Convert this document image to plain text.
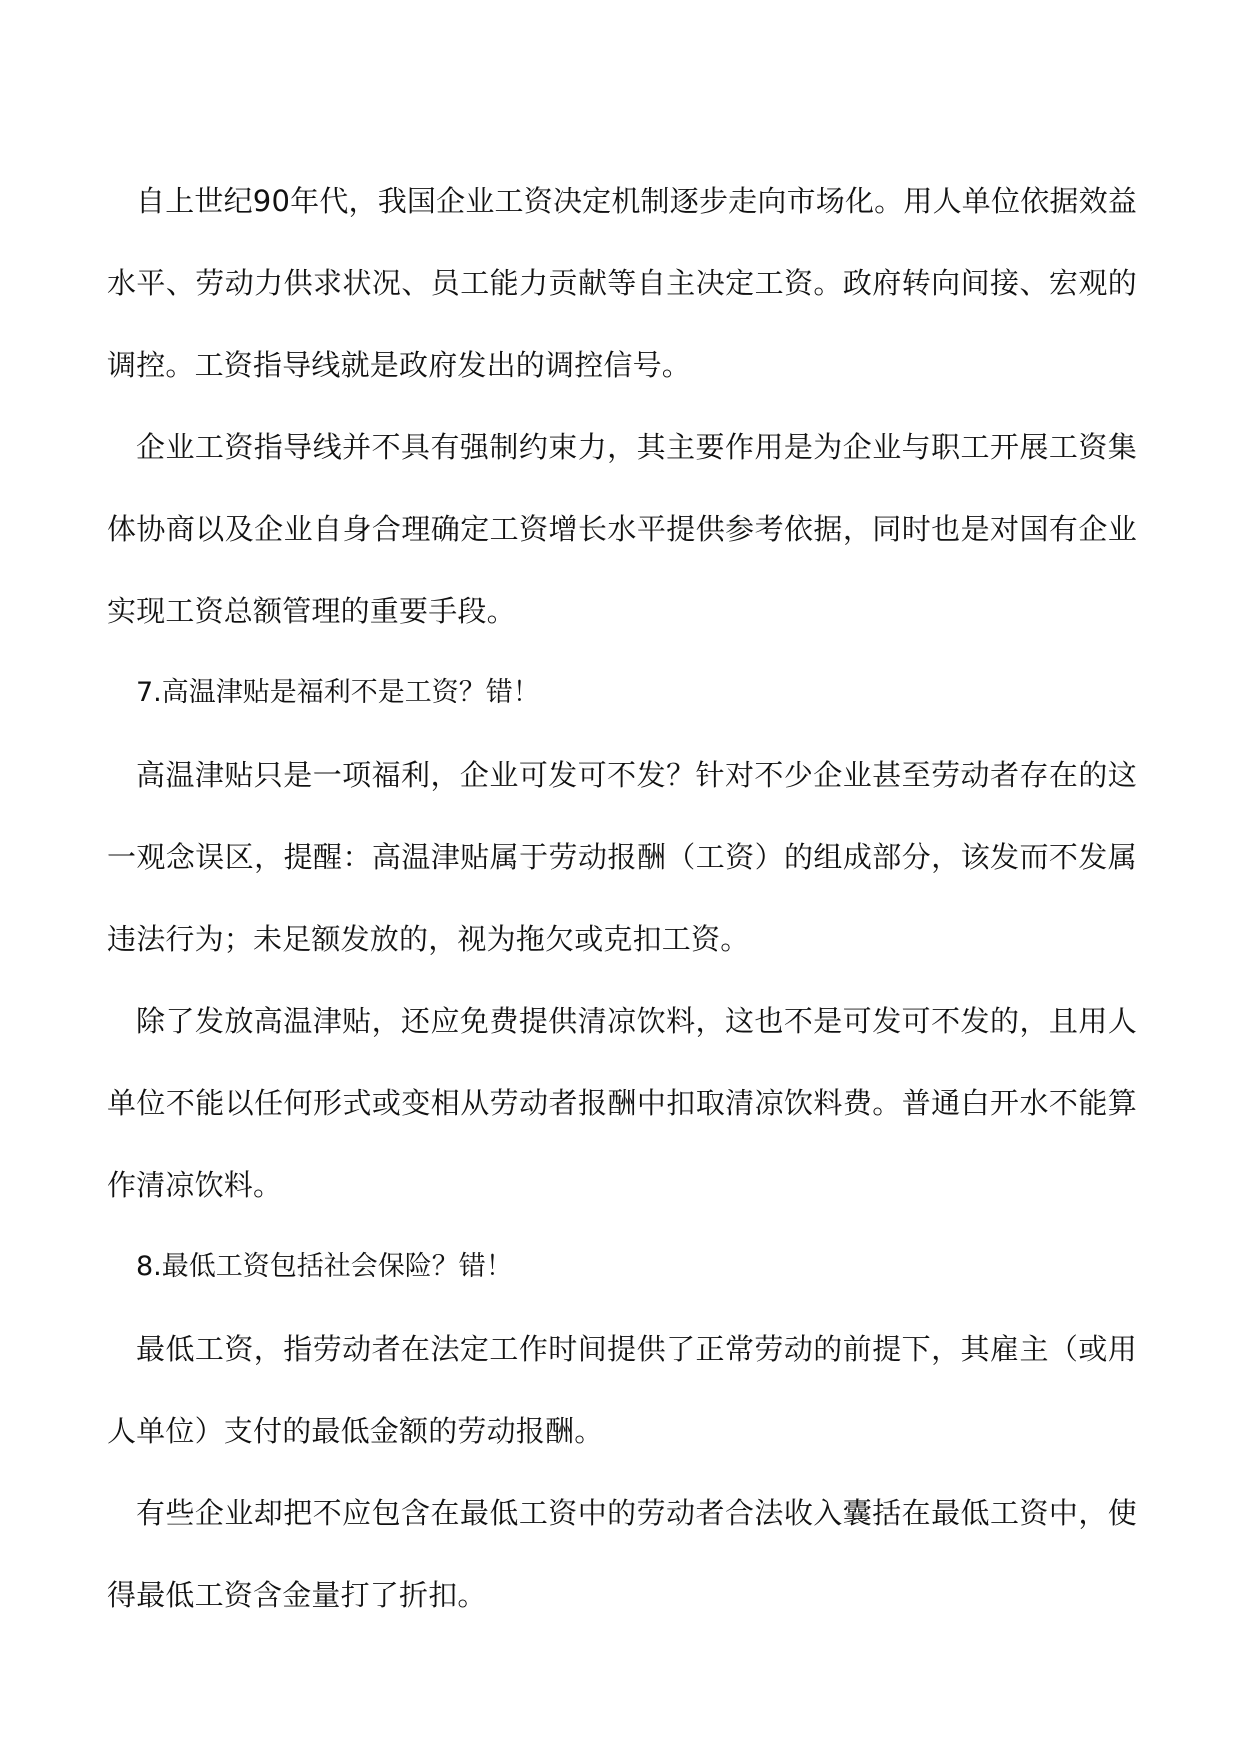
自上世纪90年代，我国企业工资决定机制逐步走向市场化。用人单位依据效益水平、劳动力供求状况、员工能力贡献等自主决定工资。政府转向间接、宏观的调控。工资指导线就是政府发出的调控信号。

企业工资指导线并不具有强制约束力，其主要作用是为企业与职工开展工资集体协商以及企业自身合理确定工资增长水平提供参考依据，同时也是对国有企业实现工资总额管理的重要手段。

7.高温津贴是福利不是工资？错！

高温津贴只是一项福利，企业可发可不发？针对不少企业甚至劳动者存在的这一观念误区，提醒：高温津贴属于劳动报酬（工资）的组成部分，该发而不发属违法行为；未足额发放的，视为拖欠或克扣工资。

除了发放高温津贴，还应免费提供清凉饮料，这也不是可发可不发的，且用人单位不能以任何形式或变相从劳动者报酬中扣取清凉饮料费。普通白开水不能算作清凉饮料。

8.最低工资包括社会保险？错！

最低工资，指劳动者在法定工作时间提供了正常劳动的前提下，其雇主（或用人单位）支付的最低金额的劳动报酬。

有些企业却把不应包含在最低工资中的劳动者合法收入囊括在最低工资中，使得最低工资含金量打了折扣。
